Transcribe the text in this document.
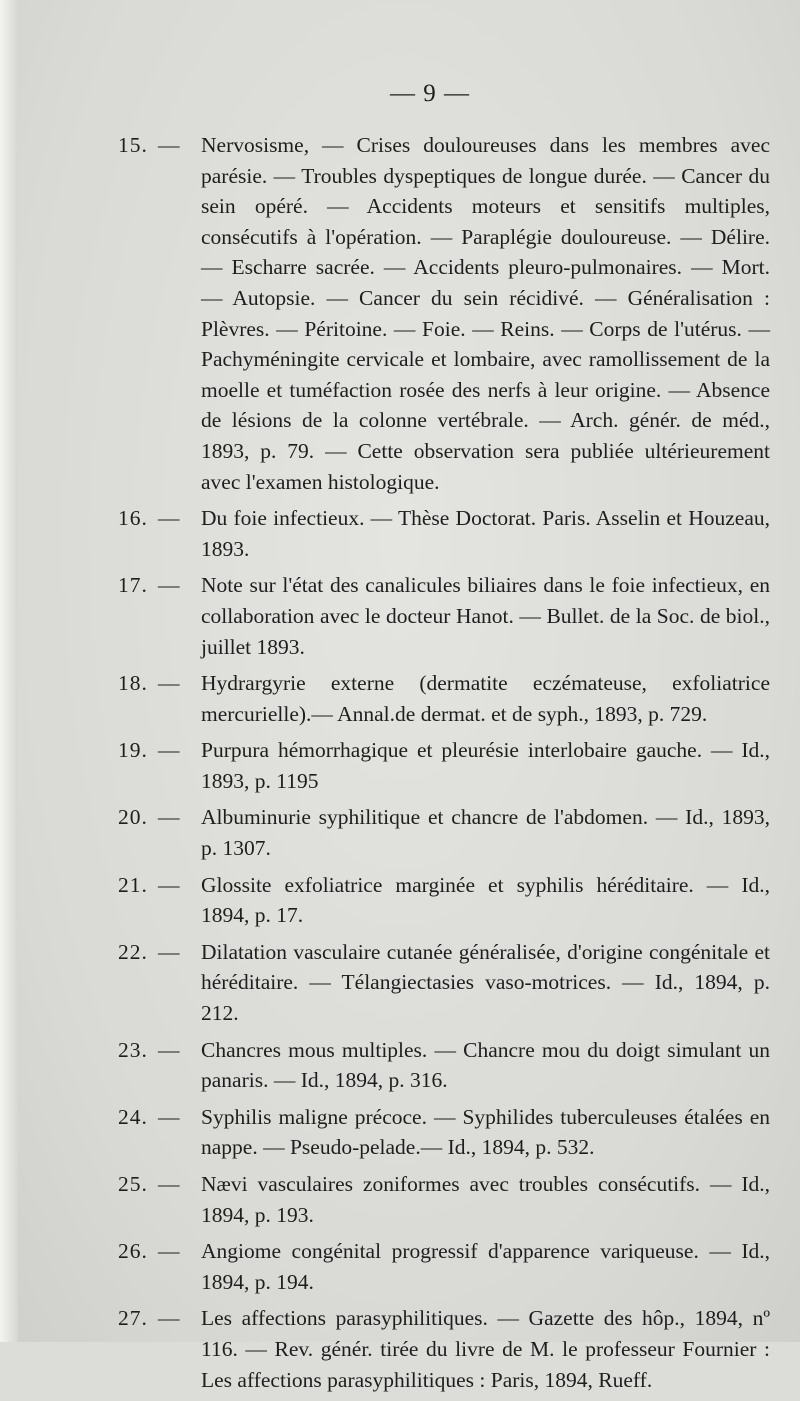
— 9 —
15. — Nervosisme, — Crises douloureuses dans les membres avec parésie. — Troubles dyspeptiques de longue durée. — Cancer du sein opéré. — Accidents moteurs et sensitifs multiples, consécutifs à l'opération. — Paraplégie douloureuse. — Délire. — Escharre sacrée. — Accidents pleuro-pulmonaires. — Mort. — Autopsie. — Cancer du sein récidivé. — Généralisation : Plèvres. — Péritoine. — Foie. — Reins. — Corps de l'utérus. — Pachyméningite cervicale et lombaire, avec ramollissement de la moelle et tuméfaction rosée des nerfs à leur origine. — Absence de lésions de la colonne vertébrale. — Arch. génér. de méd., 1893, p. 79. — Cette observation sera publiée ultérieurement avec l'examen histologique.
16. — Du foie infectieux. — Thèse Doctorat. Paris. Asselin et Houzeau, 1893.
17. — Note sur l'état des canalicules biliaires dans le foie infectieux, en collaboration avec le docteur Hanot. — Bullet. de la Soc. de biol., juillet 1893.
18. — Hydrargyrie externe (dermatite eczémateuse, exfoliatrice mercurielle).— Annal.de dermat. et de syph., 1893, p. 729.
19. — Purpura hémorrhagique et pleurésie interlobaire gauche. — Id., 1893, p. 1195
20. — Albuminurie syphilitique et chancre de l'abdomen. — Id., 1893, p. 1307.
21. — Glossite exfoliatrice marginée et syphilis héréditaire. — Id., 1894, p. 17.
22. — Dilatation vasculaire cutanée généralisée, d'origine congénitale et héréditaire. — Télangiectasies vaso-motrices. — Id., 1894, p. 212.
23. — Chancres mous multiples. — Chancre mou du doigt simulant un panaris. — Id., 1894, p. 316.
24. — Syphilis maligne précoce. — Syphilides tuberculeuses étalées en nappe. — Pseudo-pelade.— Id., 1894, p. 532.
25. — Nævi vasculaires zoniformes avec troubles consécutifs. — Id., 1894, p. 193.
26. — Angiome congénital progressif d'apparence variqueuse. — Id., 1894, p. 194.
27. — Les affections parasyphilitiques. — Gazette des hôp., 1894, nº 116. — Rev. génér. tirée du livre de M. le professeur Fournier : Les affections parasyphilitiques : Paris, 1894, Rueff.
